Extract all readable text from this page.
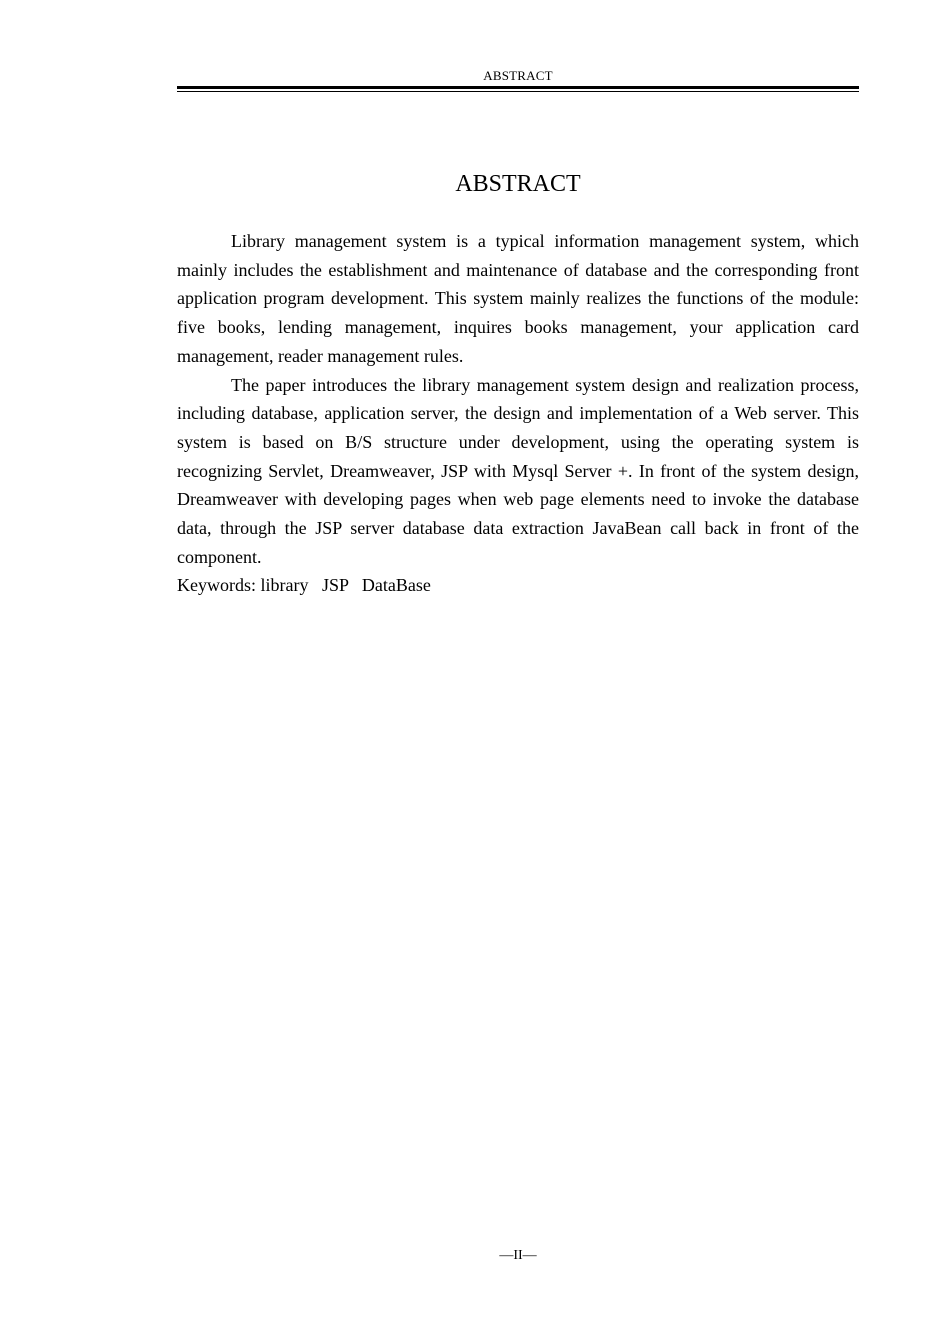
ABSTRACT
ABSTRACT

Library management system is a typical information management system, which mainly includes the establishment and maintenance of database and the corresponding front application program development. This system mainly realizes the functions of the module: five books, lending management, inquires books management, your application card management, reader management rules.

The paper introduces the library management system design and realization process, including database, application server, the design and implementation of a Web server. This system is based on B/S structure under development, using the operating system is recognizing Servlet, Dreamweaver, JSP with Mysql Server +. In front of the system design, Dreamweaver with developing pages when web page elements need to invoke the database data, through the JSP server database data extraction JavaBean call back in front of the component.

Keywords: library JSP DataBase
—II—
